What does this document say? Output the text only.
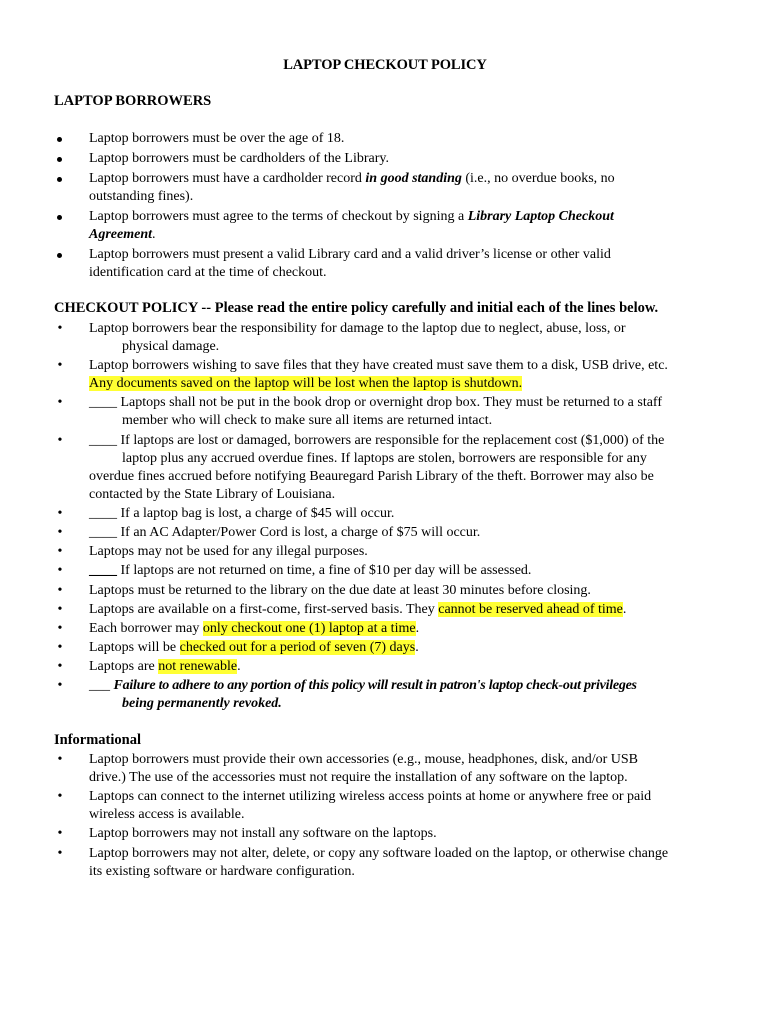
LAPTOP CHECKOUT POLICY
LAPTOP BORROWERS
Laptop borrowers must be over the age of 18.
Laptop borrowers must be cardholders of the Library.
Laptop borrowers must have a cardholder record in good standing (i.e., no overdue books, no
outstanding fines).
Laptop borrowers must agree to the terms of checkout by signing a Library Laptop Checkout
Agreement.
Laptop borrowers must present a valid Library card and a valid driver’s license or other valid
identification card at the time of checkout.
CHECKOUT POLICY -- Please read the entire policy carefully and initial each of the lines below.
• Laptop borrowers bear the responsibility for damage to the laptop due to neglect, abuse, loss, or
physical damage.
• Laptop borrowers wishing to save files that they have created must save them to a disk, USB drive, etc.
Any documents saved on the laptop will be lost when the laptop is shutdown.
• ____ Laptops shall not be put in the book drop or overnight drop box. They must be returned to a staff
member who will check to make sure all items are returned intact.
• ____ If laptops are lost or damaged, borrowers are responsible for the replacement cost ($1,000) of the
laptop plus any accrued overdue fines. If laptops are stolen, borrowers are responsible for any
overdue fines accrued before notifying Beauregard Parish Library of the theft. Borrower may also be
contacted by the State Library of Louisiana.
• ____ If a laptop bag is lost, a charge of $45 will occur.
• ____ If an AC Adapter/Power Cord is lost, a charge of $75 will occur.
• Laptops may not be used for any illegal purposes.
• ____ If laptops are not returned on time, a fine of $10 per day will be assessed.
• Laptops must be returned to the library on the due date at least 30 minutes before closing.
• Laptops are available on a first-come, first-served basis. They cannot be reserved ahead of time.
• Each borrower may only checkout one (1) laptop at a time.
• Laptops will be checked out for a period of seven (7) days.
• Laptops are not renewable.
• ___ Failure to adhere to any portion of this policy will result in patron's laptop check-out privileges
being permanently revoked.
Informational
• Laptop borrowers must provide their own accessories (e.g., mouse, headphones, disk, and/or USB
drive.) The use of the accessories must not require the installation of any software on the laptop.
• Laptops can connect to the internet utilizing wireless access points at home or anywhere free or paid
wireless access is available.
• Laptop borrowers may not install any software on the laptops.
• Laptop borrowers may not alter, delete, or copy any software loaded on the laptop, or otherwise change
its existing software or hardware configuration.
